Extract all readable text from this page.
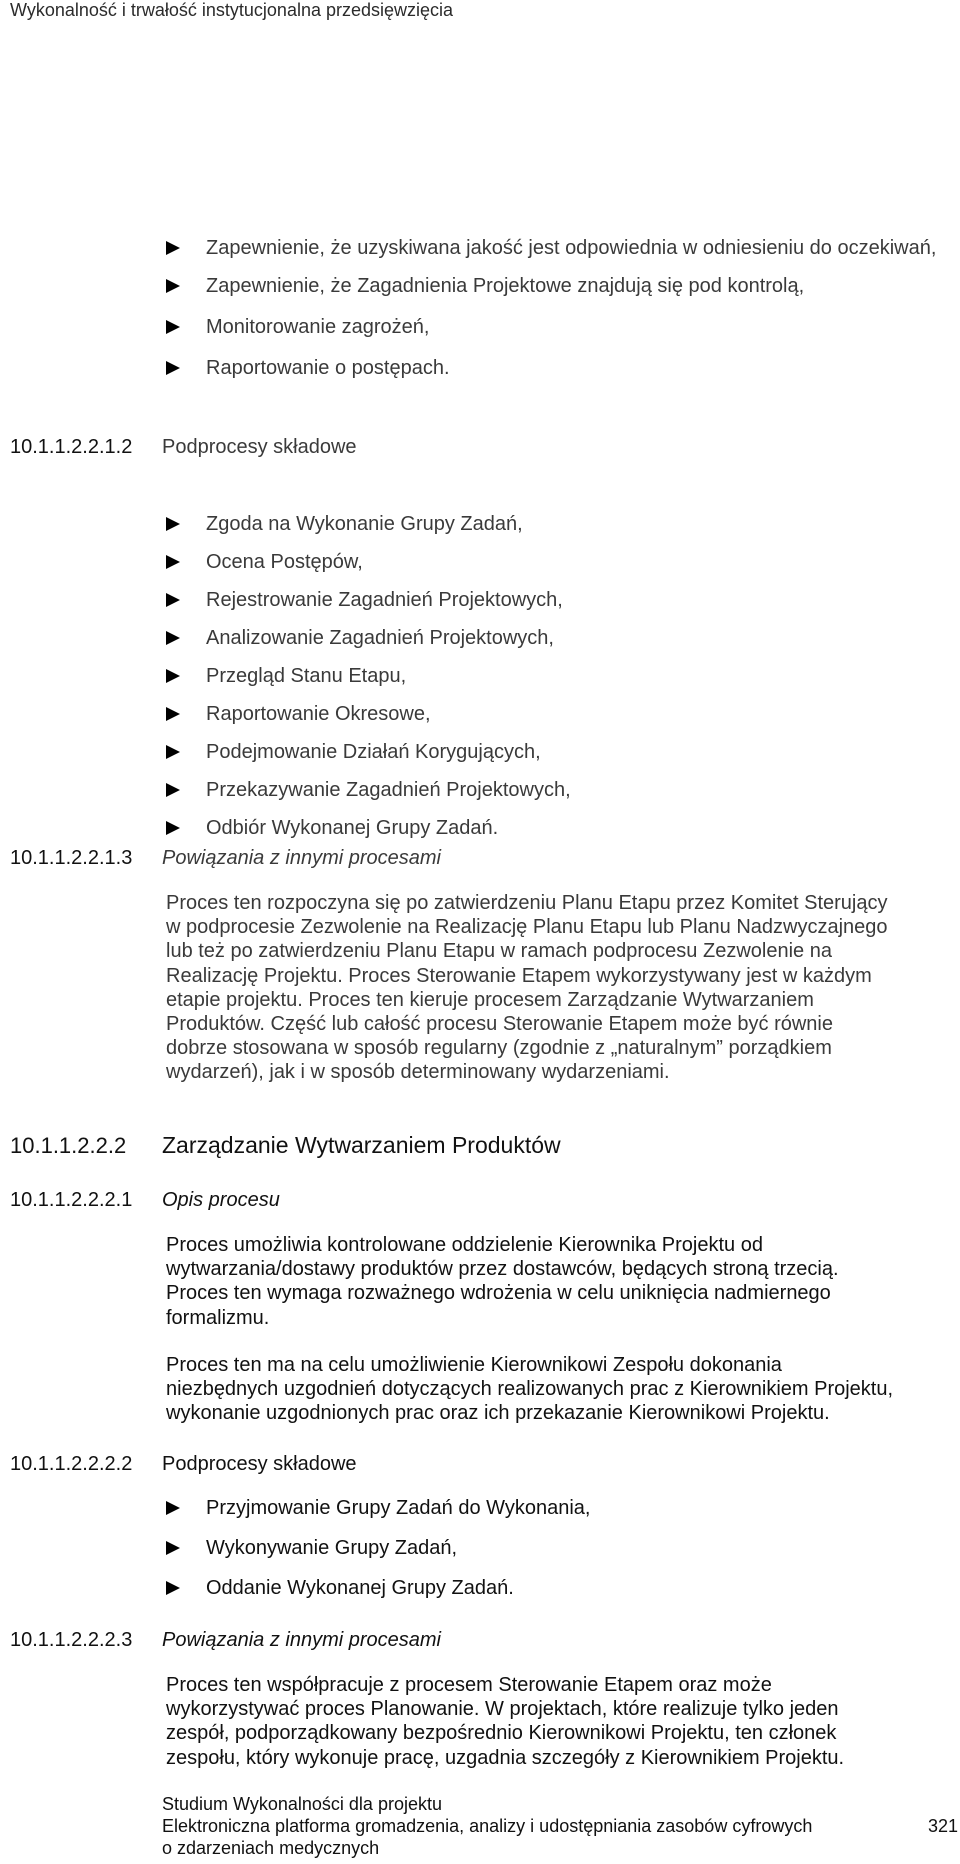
Wykonalność i trwałość instytucjonalna przedsięwzięcia
Zapewnienie, że uzyskiwana jakość jest odpowiednia w odniesieniu do oczekiwań,
Zapewnienie, że Zagadnienia Projektowe znajdują się pod kontrolą,
Monitorowanie zagrożeń,
Raportowanie o postępach.
10.1.1.2.2.1.2 Podprocesy składowe
Zgoda na Wykonanie Grupy Zadań,
Ocena Postępów,
Rejestrowanie Zagadnień Projektowych,
Analizowanie Zagadnień Projektowych,
Przegląd Stanu Etapu,
Raportowanie Okresowe,
Podejmowanie Działań Korygujących,
Przekazywanie Zagadnień Projektowych,
Odbiór Wykonanej Grupy Zadań.
10.1.1.2.2.1.3 Powiązania z innymi procesami
Proces ten rozpoczyna się po zatwierdzeniu Planu Etapu przez Komitet Sterujący
w podprocesie Zezwolenie na Realizację Planu Etapu lub Planu Nadzwyczajnego
lub też po zatwierdzeniu Planu Etapu w ramach podprocesu Zezwolenie na
Realizację Projektu. Proces Sterowanie Etapem wykorzystywany jest w każdym
etapie projektu. Proces ten kieruje procesem Zarządzanie Wytwarzaniem
Produktów. Część lub całość procesu Sterowanie Etapem może być równie
dobrze stosowana w sposób regularny (zgodnie z „naturalnym” porządkiem
wydarzeń), jak i w sposób determinowany wydarzeniami.
10.1.1.2.2.2 Zarządzanie Wytwarzaniem Produktów
10.1.1.2.2.2.1 Opis procesu
Proces umożliwia kontrolowane oddzielenie Kierownika Projektu od
wytwarzania/dostawy produktów przez dostawców, będących stroną trzecią.
Proces ten wymaga rozważnego wdrożenia w celu uniknięcia nadmiernego
formalizmu.
Proces ten ma na celu umożliwienie Kierownikowi Zespołu dokonania
niezbędnych uzgodnień dotyczących realizowanych prac z Kierownikiem Projektu,
wykonanie uzgodnionych prac oraz ich przekazanie Kierownikowi Projektu.
10.1.1.2.2.2.2 Podprocesy składowe
Przyjmowanie Grupy Zadań do Wykonania,
Wykonywanie Grupy Zadań,
Oddanie Wykonanej Grupy Zadań.
10.1.1.2.2.2.3 Powiązania z innymi procesami
Proces ten współpracuje z procesem Sterowanie Etapem oraz może
wykorzystywać proces Planowanie. W projektach, które realizuje tylko jeden
zespół, podporządkowany bezpośrednio Kierownikowi Projektu, ten członek
zespołu, który wykonuje pracę, uzgadnia szczegóły z Kierownikiem Projektu.
Studium Wykonalności dla projektu
Elektroniczna platforma gromadzenia, analizy i udostępniania zasobów cyfrowych
o zdarzeniach medycznych
321
